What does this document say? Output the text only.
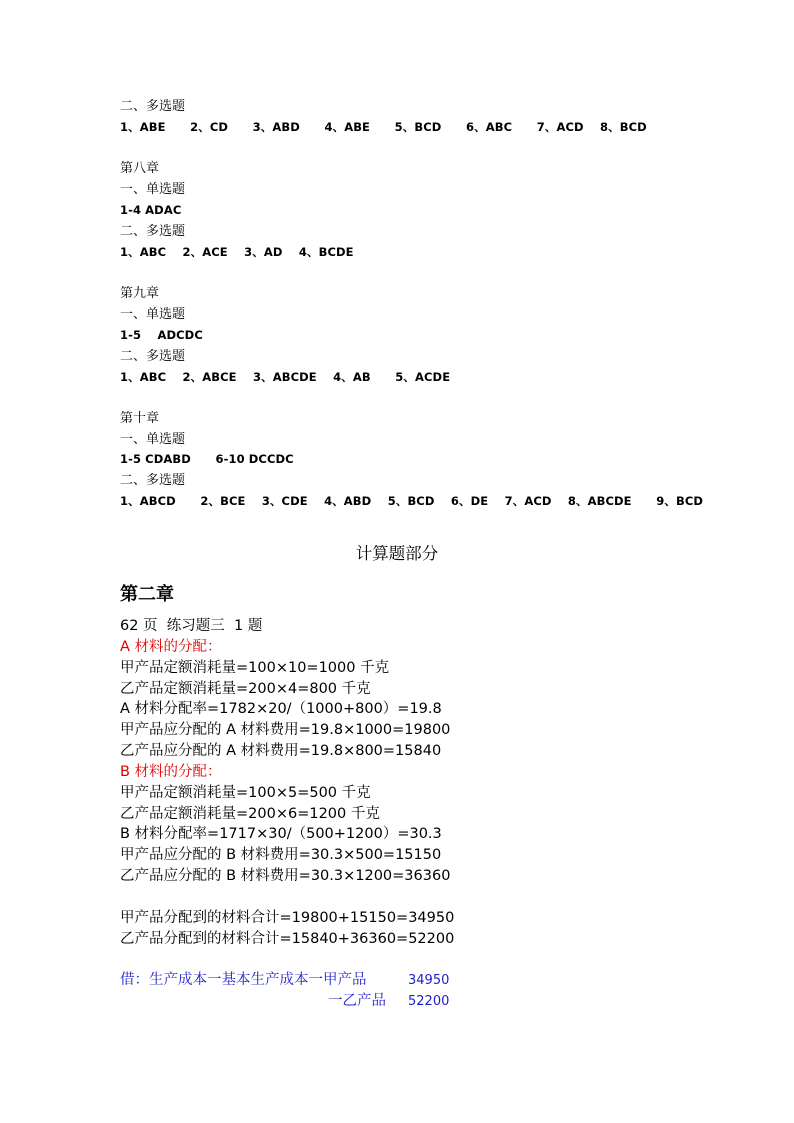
二、多选题
1、ABE      2、CD      3、ABD      4、ABE      5、BCD      6、ABC      7、ACD    8、BCD
第八章
一、单选题
1-4 ADAC
二、多选题
1、ABC    2、ACE    3、AD    4、BCDE
第九章
一、单选题
1-5    ADCDC
二、多选题
1、ABC    2、ABCE    3、ABCDE    4、AB      5、ACDE
第十章
一、单选题
1-5 CDABD      6-10 DCCDC
二、多选题
1、ABCD      2、BCE    3、CDE    4、ABD    5、BCD    6、DE    7、ACD    8、ABCDE      9、BCD
计算题部分
第二章
62 页  练习题三  1 题
A 材料的分配：
甲产品定额消耗量=100×10=1000 千克
乙产品定额消耗量=200×4=800 千克
A 材料分配率=1782×20/（1000+800）=19.8
甲产品应分配的 A 材料费用=19.8×1000=19800
乙产品应分配的 A 材料费用=19.8×800=15840
B 材料的分配：
甲产品定额消耗量=100×5=500 千克
乙产品定额消耗量=200×6=1200 千克
B 材料分配率=1717×30/（500+1200）=30.3
甲产品应分配的 B 材料费用=30.3×500=15150
乙产品应分配的 B 材料费用=30.3×1200=36360
甲产品分配到的材料合计=19800+15150=34950
乙产品分配到的材料合计=15840+36360=52200
借：生产成本一基本生产成本一甲产品	34950
一乙产品 52200
